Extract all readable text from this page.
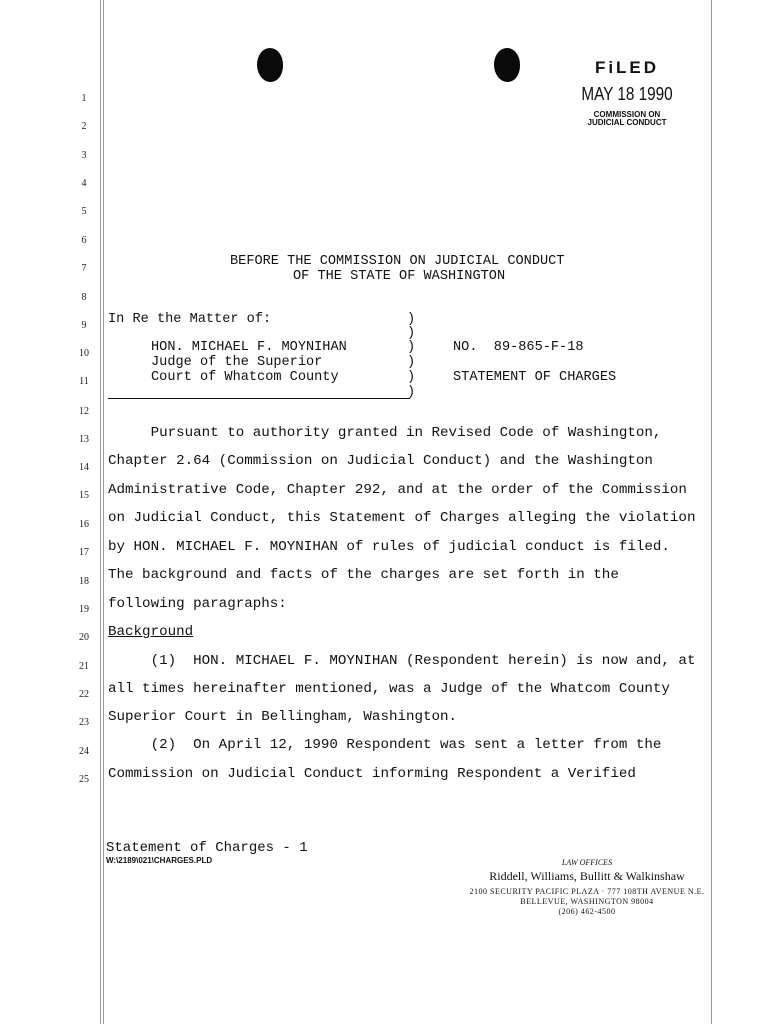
FiLED
MAY 18 1990
COMMISSION ON
JUDICIAL CONDUCT
1
2
3
4
5
6
7
8
9
10
11
12
13
14
15
16
17
18
19
20
21
22
23
24
25
BEFORE THE COMMISSION ON JUDICIAL CONDUCT
OF THE STATE OF WASHINGTON
In Re the Matter of:
HON. MICHAEL F. MOYNIHAN
Judge of the Superior
Court of Whatcom County
)
)
)
)
)
)
NO.  89-865-F-18
STATEMENT OF CHARGES
Pursuant to authority granted in Revised Code of Washington,
Chapter 2.64 (Commission on Judicial Conduct) and the Washington
Administrative Code, Chapter 292, and at the order of the Commission
on Judicial Conduct, this Statement of Charges alleging the violation
by HON. MICHAEL F. MOYNIHAN of rules of judicial conduct is filed.
The background and facts of the charges are set forth in the
following paragraphs:
Background
(1)  HON. MICHAEL F. MOYNIHAN (Respondent herein) is now and, at
all times hereinafter mentioned, was a Judge of the Whatcom County
Superior Court in Bellingham, Washington.
(2)  On April 12, 1990 Respondent was sent a letter from the
Commission on Judicial Conduct informing Respondent a Verified
Statement of Charges - 1
W:\2189\021\CHARGES.PLD	LAW OFFICES
Riddell, Williams, Bullitt & Walkinshaw
2100 SECURITY PACIFIC PLAZA · 777 108TH AVENUE N.E.
BELLEVUE, WASHINGTON 98004
(206) 462-4500
